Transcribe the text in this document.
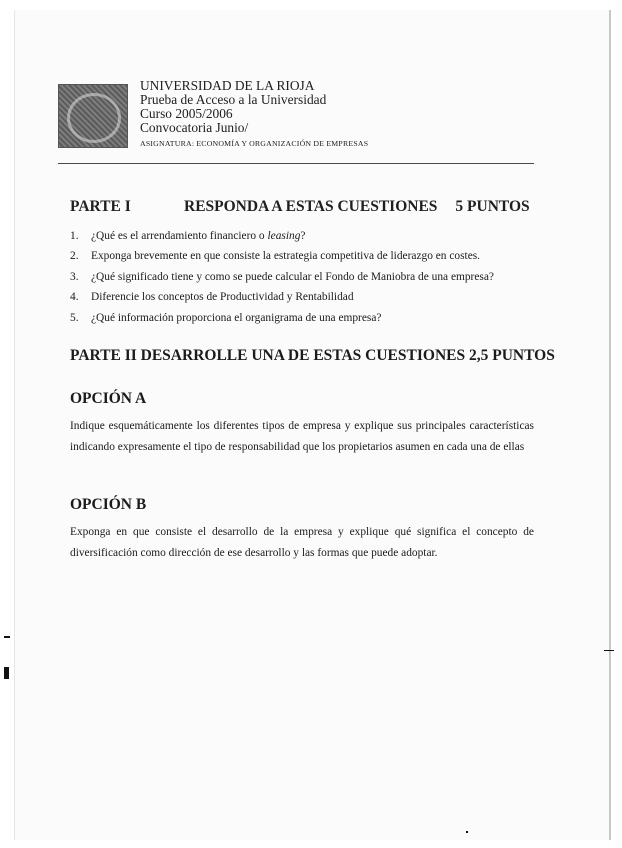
UNIVERSIDAD DE LA RIOJA
Prueba de Acceso a la Universidad
Curso 2005/2006
Convocatoria Junio/
ASIGNATURA: ECONOMÍA Y ORGANIZACIÓN DE EMPRESAS
PARTE I	RESPONDA A ESTAS CUESTIONES 5 PUNTOS
1. ¿Qué es el arrendamiento financiero o leasing?
2. Exponga brevemente en que consiste la estrategia competitiva de liderazgo en costes.
3. ¿Qué significado tiene y como se puede calcular el Fondo de Maniobra de una empresa?
4. Diferencie los conceptos de Productividad y Rentabilidad
5. ¿Qué información proporciona el organigrama de una empresa?
PARTE II DESARROLLE UNA DE ESTAS CUESTIONES 2,5 PUNTOS
OPCIÓN A
Indique esquemáticamente los diferentes tipos de empresa y explique sus principales características indicando expresamente el tipo de responsabilidad que los propietarios asumen en cada una de ellas
OPCIÓN B
Exponga en que consiste el desarrollo de la empresa y explique qué significa el concepto de diversificación como dirección de ese desarrollo y las formas que puede adoptar.
